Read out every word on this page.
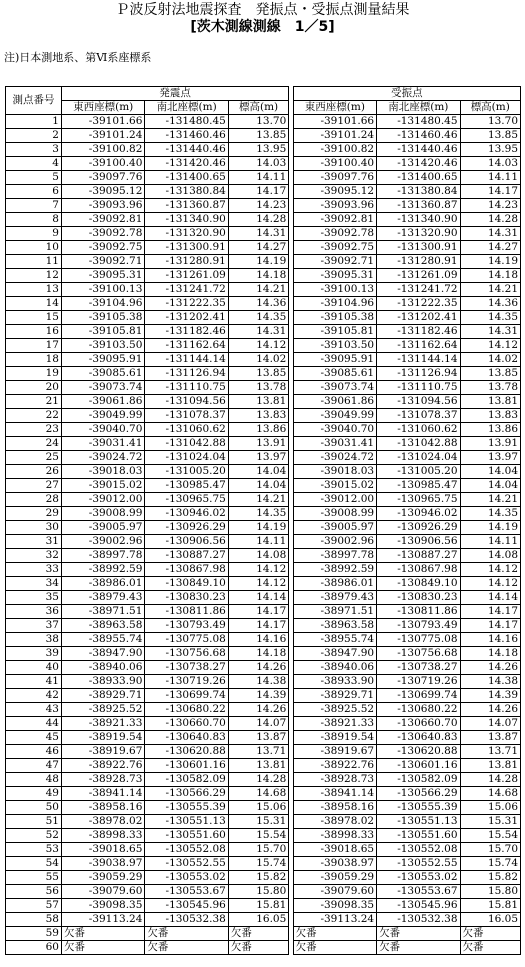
Ｐ波反射法地震探査　発振点・受振点測量結果
[茨木測線測線　1／5]
注)日本測地系、第Ⅵ系座標系
測点番号	発震点				受振点		
	東西座標(m)	南北座標(m)	標高(m)		東西座標(m)	南北座標(m)	標高(m)
1	-39101.66	-131480.45	13.70		-39101.66	-131480.45	13.70
2	-39101.24	-131460.46	13.85		-39101.24	-131460.46	13.85
3	-39100.82	-131440.46	13.95		-39100.82	-131440.46	13.95
4	-39100.40	-131420.46	14.03		-39100.40	-131420.46	14.03
5	-39097.76	-131400.65	14.11		-39097.76	-131400.65	14.11
6	-39095.12	-131380.84	14.17		-39095.12	-131380.84	14.17
7	-39093.96	-131360.87	14.23		-39093.96	-131360.87	14.23
8	-39092.81	-131340.90	14.28		-39092.81	-131340.90	14.28
9	-39092.78	-131320.90	14.31		-39092.78	-131320.90	14.31
10	-39092.75	-131300.91	14.27		-39092.75	-131300.91	14.27
11	-39092.71	-131280.91	14.19		-39092.71	-131280.91	14.19
12	-39095.31	-131261.09	14.18		-39095.31	-131261.09	14.18
13	-39100.13	-131241.72	14.21		-39100.13	-131241.72	14.21
14	-39104.96	-131222.35	14.36		-39104.96	-131222.35	14.36
15	-39105.38	-131202.41	14.35		-39105.38	-131202.41	14.35
16	-39105.81	-131182.46	14.31		-39105.81	-131182.46	14.31
17	-39103.50	-131162.64	14.12		-39103.50	-131162.64	14.12
18	-39095.91	-131144.14	14.02		-39095.91	-131144.14	14.02
19	-39085.61	-131126.94	13.85		-39085.61	-131126.94	13.85
20	-39073.74	-131110.75	13.78		-39073.74	-131110.75	13.78
21	-39061.86	-131094.56	13.81		-39061.86	-131094.56	13.81
22	-39049.99	-131078.37	13.83		-39049.99	-131078.37	13.83
23	-39040.70	-131060.62	13.86		-39040.70	-131060.62	13.86
24	-39031.41	-131042.88	13.91		-39031.41	-131042.88	13.91
25	-39024.72	-131024.04	13.97		-39024.72	-131024.04	13.97
26	-39018.03	-131005.20	14.04		-39018.03	-131005.20	14.04
27	-39015.02	-130985.47	14.04		-39015.02	-130985.47	14.04
28	-39012.00	-130965.75	14.21		-39012.00	-130965.75	14.21
29	-39008.99	-130946.02	14.35		-39008.99	-130946.02	14.35
30	-39005.97	-130926.29	14.19		-39005.97	-130926.29	14.19
31	-39002.96	-130906.56	14.11		-39002.96	-130906.56	14.11
32	-38997.78	-130887.27	14.08		-38997.78	-130887.27	14.08
33	-38992.59	-130867.98	14.12		-38992.59	-130867.98	14.12
34	-38986.01	-130849.10	14.12		-38986.01	-130849.10	14.12
35	-38979.43	-130830.23	14.14		-38979.43	-130830.23	14.14
36	-38971.51	-130811.86	14.17		-38971.51	-130811.86	14.17
37	-38963.58	-130793.49	14.17		-38963.58	-130793.49	14.17
38	-38955.74	-130775.08	14.16		-38955.74	-130775.08	14.16
39	-38947.90	-130756.68	14.18		-38947.90	-130756.68	14.18
40	-38940.06	-130738.27	14.26		-38940.06	-130738.27	14.26
41	-38933.90	-130719.26	14.38		-38933.90	-130719.26	14.38
42	-38929.71	-130699.74	14.39		-38929.71	-130699.74	14.39
43	-38925.52	-130680.22	14.26		-38925.52	-130680.22	14.26
44	-38921.33	-130660.70	14.07		-38921.33	-130660.70	14.07
45	-38919.54	-130640.83	13.87		-38919.54	-130640.83	13.87
46	-38919.67	-130620.88	13.71		-38919.67	-130620.88	13.71
47	-38922.76	-130601.16	13.81		-38922.76	-130601.16	13.81
48	-38928.73	-130582.09	14.28		-38928.73	-130582.09	14.28
49	-38941.14	-130566.29	14.68		-38941.14	-130566.29	14.68
50	-38958.16	-130555.39	15.06		-38958.16	-130555.39	15.06
51	-38978.02	-130551.13	15.31		-38978.02	-130551.13	15.31
52	-38998.33	-130551.60	15.54		-38998.33	-130551.60	15.54
53	-39018.65	-130552.08	15.70		-39018.65	-130552.08	15.70
54	-39038.97	-130552.55	15.74		-39038.97	-130552.55	15.74
55	-39059.29	-130553.02	15.82		-39059.29	-130553.02	15.82
56	-39079.60	-130553.67	15.80		-39079.60	-130553.67	15.80
57	-39098.35	-130545.96	15.81		-39098.35	-130545.96	15.81
58	-39113.24	-130532.38	16.05		-39113.24	-130532.38	16.05
59	欠番	欠番	欠番		欠番	欠番	欠番
60	欠番	欠番	欠番		欠番	欠番	欠番
